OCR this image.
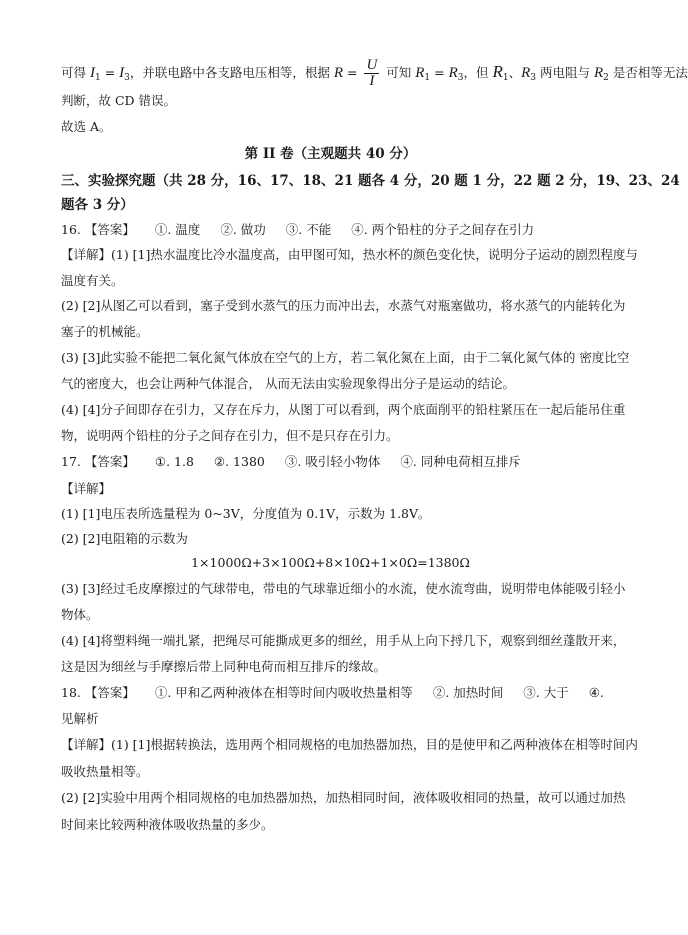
可得 $I_1 = I_3$，并联电路中各支路电压相等，根据 $R = \frac{U}{I}$ 可知 $R_1 = R_3$，但 $R_1$、$R_3$ 两电阻与 $R_2$ 是否相等无法
判断，故 CD 错误。
故选 A。
第 II 卷（主观题共 40 分）
三、实验探究题（共 28 分，16、17、18、21 题各 4 分，20 题 1 分，22 题 2 分，19、23、24
题各 3 分）
16. 【答案】 ①. 温度 ②. 做功 ③. 不能 ④. 两个铅柱的分子之间存在引力
【详解】(1) [1]热水温度比冷水温度高，由甲图可知，热水杯的颜色变化快，说明分子运动的剧烈程度与
温度有关。
(2) [2]从图乙可以看到，塞子受到水蒸气的压力而冲出去，水蒸气对瓶塞做功，将水蒸气的内能转化为
塞子的机械能。
(3) [3]此实验不能把二氧化氮气体放在空气的上方，若二氧化氮在上面，由于二氧化氮气体的 密度比空
气的密度大，也会让两种气体混合， 从而无法由实验现象得出分子是运动的结论。
(4) [4]分子间即存在引力，又存在斥力，从图丁可以看到，两个底面削平的铅柱紧压在一起后能吊住重
物，说明两个铅柱的分子之间存在引力，但不是只存在引力。
17. 【答案】 ①. 1.8 ②. 1380 ③. 吸引轻小物体 ④. 同种电荷相互排斥
【详解】
(1) [1]电压表所选量程为 0~3V，分度值为 0.1V，示数为 1.8V。
(2) [2]电阻箱的示数为
1×1000Ω+3×100Ω+8×10Ω+1×0Ω=1380Ω
(3) [3]经过毛皮摩擦过的气球带电，带电的气球靠近细小的水流，使水流弯曲，说明带电体能吸引轻小
物体。
(4) [4]将塑料绳一端扎紧，把绳尽可能撕成更多的细丝，用手从上向下捋几下，观察到细丝蓬散开来，
这是因为细丝与手摩擦后带上同种电荷而相互排斥的缘故。
18. 【答案】 ①. 甲和乙两种液体在相等时间内吸收热量相等 ②. 加热时间 ③. 大于 ④.
见解析
【详解】(1) [1]根据转换法，选用两个相同规格的电加热器加热，目的是使甲和乙两种液体在相等时间内
吸收热量相等。
(2) [2]实验中用两个相同规格的电加热器加热，加热相同时间，液体吸收相同的热量，故可以通过加热
时间来比较两种液体吸收热量的多少。
